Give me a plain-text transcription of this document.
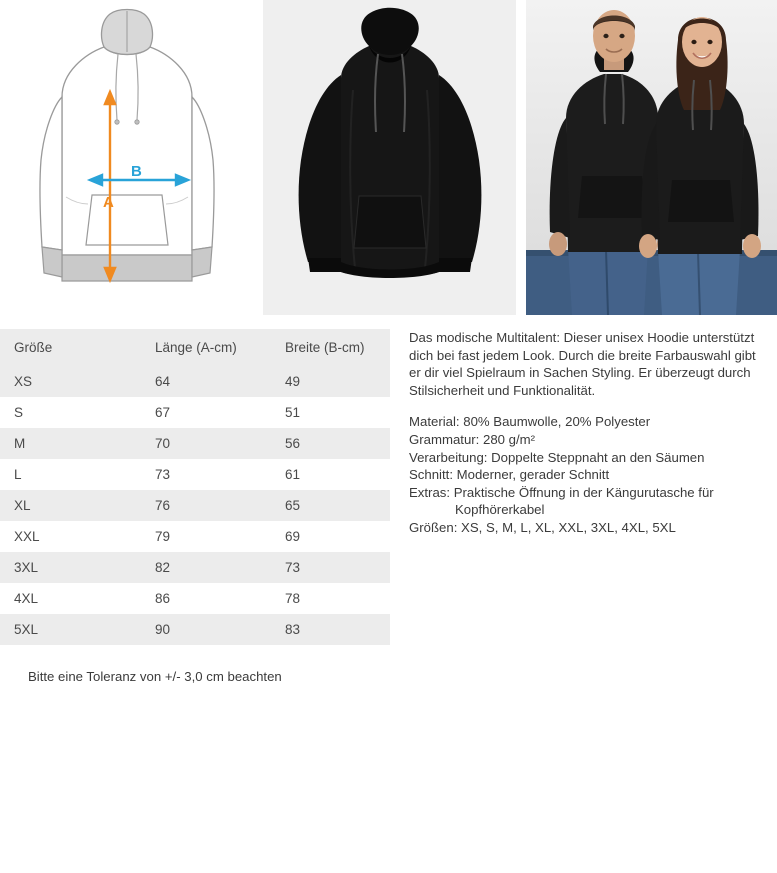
A
B
Größe	Länge (A-cm)	Breite (B-cm)
XS	64	49
S	67	51
M	70	56
L	73	61
XL	76	65
XXL	79	69
3XL	82	73
4XL	86	78
5XL	90	83

Das modische Multitalent: Dieser unisex Hoodie unterstützt dich bei fast jedem Look. Durch die breite Farbauswahl gibt er dir viel Spielraum in Sachen Styling. Er überzeugt durch Stilsicherheit und Funktionalität.

Material: 80% Baumwolle, 20% Polyester

Grammatur: 280 g/m²

Verarbeitung: Doppelte Steppnaht an den Säumen

Schnitt: Moderner, gerader Schnitt

Extras: Praktische Öffnung in der Kängurutasche für

Kopfhörerkabel

Größen: XS, S, M, L, XL, XXL, 3XL, 4XL, 5XL

Bitte eine Toleranz von +/- 3,0 cm beachten
